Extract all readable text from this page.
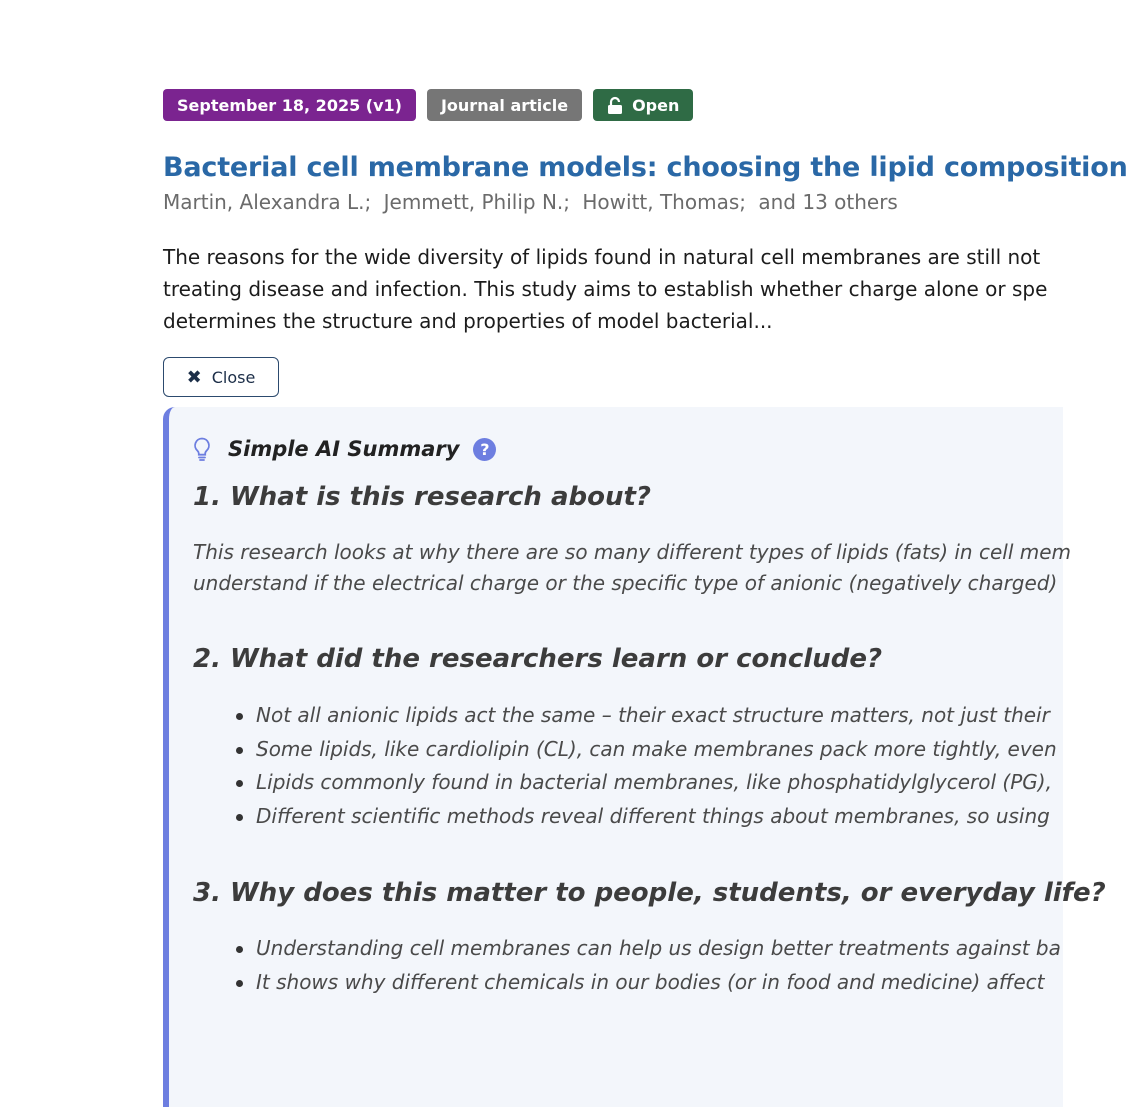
September 18, 2025 (v1)	Journal article	Open
Bacterial cell membrane models: choosing the lipid composition
Martin, Alexandra L.; Jemmett, Philip N.; Howitt, Thomas; and 13 others
The reasons for the wide diversity of lipids found in natural cell membranes are still not
treating disease and infection. This study aims to establish whether charge alone or spe
determines the structure and properties of model bacterial...
✖ Close
Simple AI Summary	?
1. What is this research about?
This research looks at why there are so many different types of lipids (fats) in cell mem
understand if the electrical charge or the specific type of anionic (negatively charged)
2. What did the researchers learn or conclude?
Not all anionic lipids act the same – their exact structure matters, not just their
Some lipids, like cardiolipin (CL), can make membranes pack more tightly, even
Lipids commonly found in bacterial membranes, like phosphatidylglycerol (PG),
Different scientific methods reveal different things about membranes, so using
3. Why does this matter to people, students, or everyday life?
Understanding cell membranes can help us design better treatments against ba
It shows why different chemicals in our bodies (or in food and medicine) affect
